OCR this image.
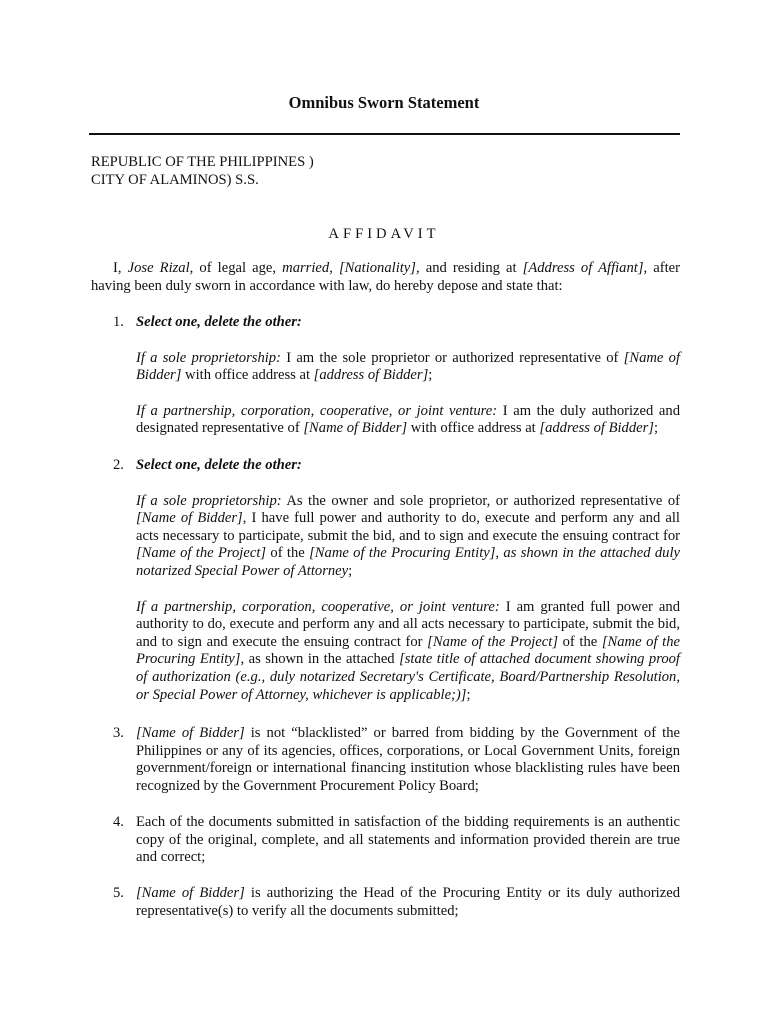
Omnibus Sworn Statement
REPUBLIC OF THE PHILIPPINES )
CITY OF ALAMINOS) S.S.
AFFIDAVIT
I, Jose Rizal, of legal age, married, [Nationality], and residing at [Address of Affiant], after having been duly sworn in accordance with law, do hereby depose and state that:
1. Select one, delete the other:

If a sole proprietorship: I am the sole proprietor or authorized representative of [Name of Bidder] with office address at [address of Bidder];

If a partnership, corporation, cooperative, or joint venture: I am the duly authorized and designated representative of [Name of Bidder] with office address at [address of Bidder];

2. Select one, delete the other:

If a sole proprietorship: As the owner and sole proprietor, or authorized representative of [Name of Bidder], I have full power and authority to do, execute and perform any and all acts necessary to participate, submit the bid, and to sign and execute the ensuing contract for [Name of the Project] of the [Name of the Procuring Entity], as shown in the attached duly notarized Special Power of Attorney;

If a partnership, corporation, cooperative, or joint venture: I am granted full power and authority to do, execute and perform any and all acts necessary to participate, submit the bid, and to sign and execute the ensuing contract for [Name of the Project] of the [Name of the Procuring Entity], as shown in the attached [state title of attached document showing proof of authorization (e.g., duly notarized Secretary's Certificate, Board/Partnership Resolution, or Special Power of Attorney, whichever is applicable;)];

3. [Name of Bidder] is not “blacklisted” or barred from bidding by the Government of the Philippines or any of its agencies, offices, corporations, or Local Government Units, foreign government/foreign or international financing institution whose blacklisting rules have been recognized by the Government Procurement Policy Board;
4. Each of the documents submitted in satisfaction of the bidding requirements is an authentic copy of the original, complete, and all statements and information provided therein are true and correct;
5. [Name of Bidder] is authorizing the Head of the Procuring Entity or its duly authorized representative(s) to verify all the documents submitted;
